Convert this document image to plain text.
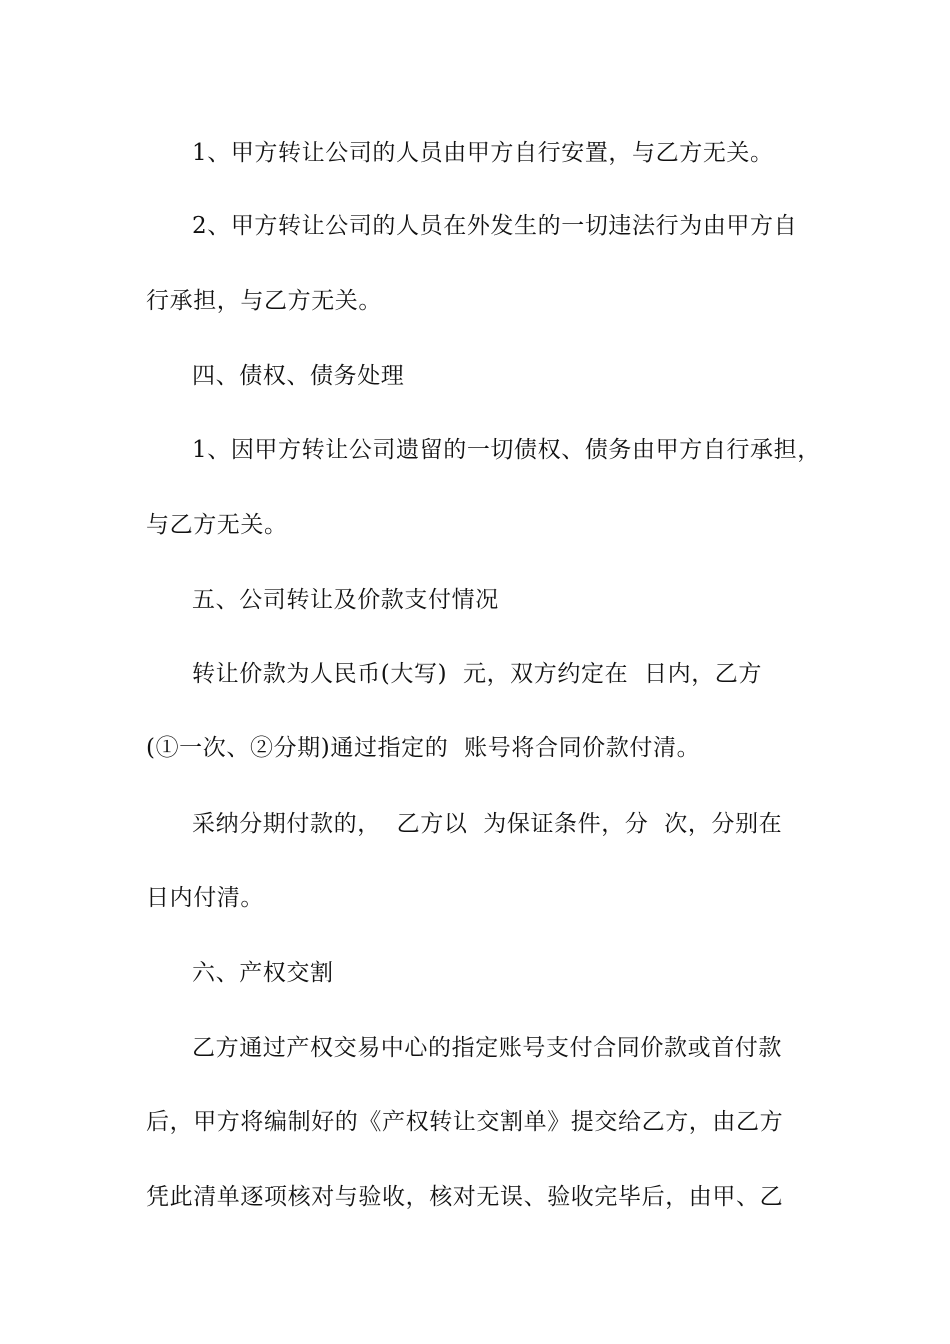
1、甲方转让公司的人员由甲方自行安置，与乙方无关。
2、甲方转让公司的人员在外发生的一切违法行为由甲方自
行承担，与乙方无关。
四、债权、债务处理
1、因甲方转让公司遗留的一切债权、债务由甲方自行承担，
与乙方无关。
五、公司转让及价款支付情况
转让价款为人民币(大写)  元，双方约定在  日内，乙方
(①一次、②分期)通过指定的  账号将合同价款付清。
采纳分期付款的，  乙方以  为保证条件，分  次，分别在
日内付清。
六、产权交割
乙方通过产权交易中心的指定账号支付合同价款或首付款
后，甲方将编制好的《产权转让交割单》提交给乙方，由乙方
凭此清单逐项核对与验收，核对无误、验收完毕后，由甲、乙
